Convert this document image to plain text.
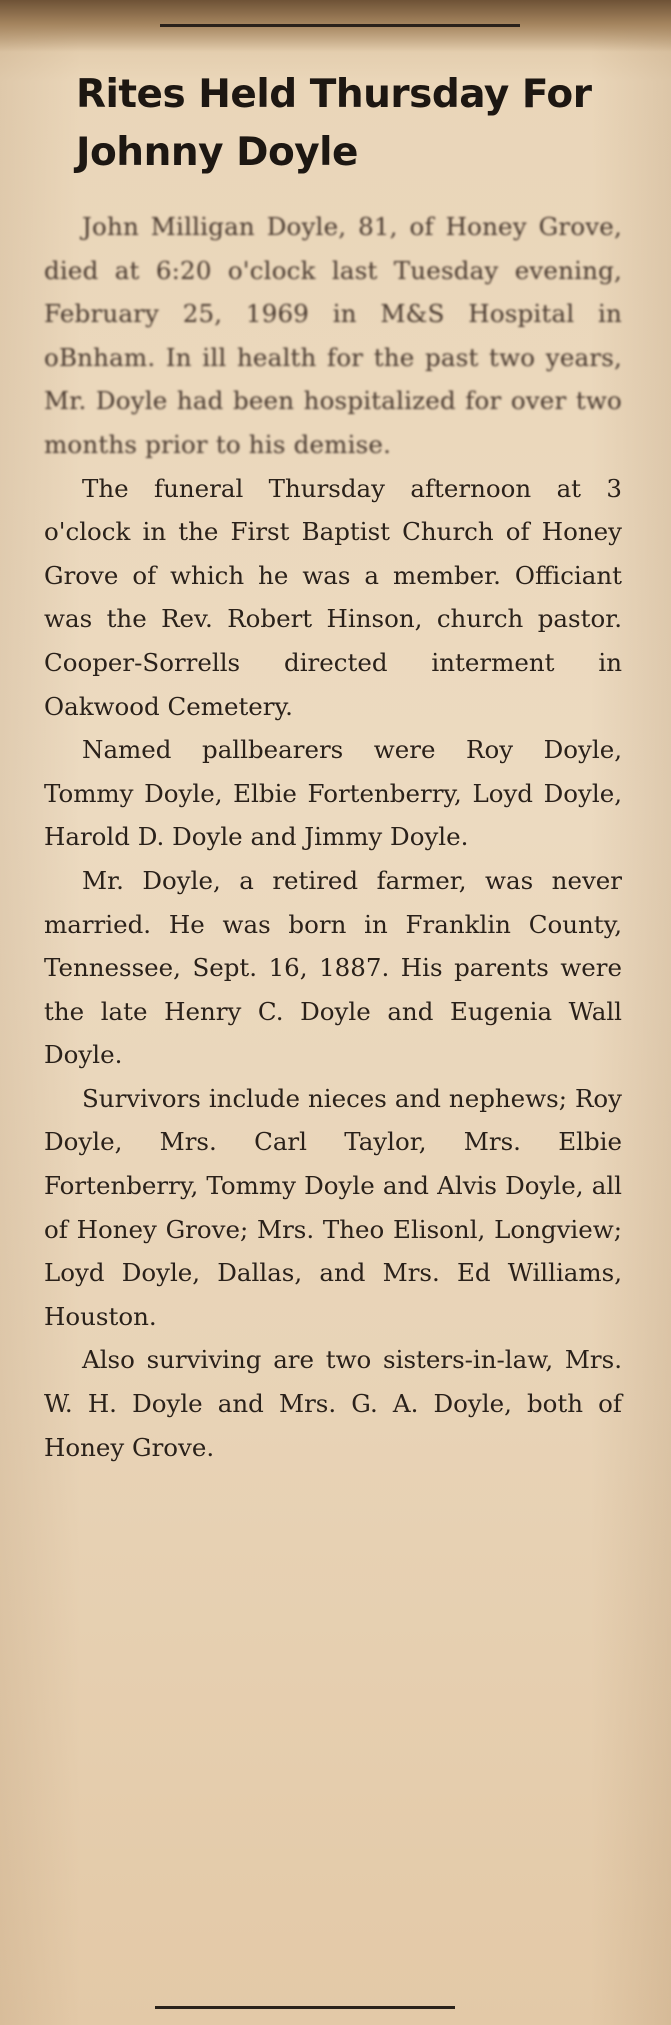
Rites Held Thursday For Johnny Doyle

John Milligan Doyle, 81, of Honey Grove, died at 6:20 o'clock last Tuesday evening, February 25, 1969 in M&S Hospital in oBnham. In ill health for the past two years, Mr. Doyle had been hospitalized for over two months prior to his demise.

The funeral Thursday afternoon at 3 o'clock in the First Baptist Church of Honey Grove of which he was a member. Officiant was the Rev. Robert Hinson, church pastor. Cooper-Sorrells directed interment in Oakwood Cemetery.

Named pallbearers were Roy Doyle, Tommy Doyle, Elbie Fortenberry, Loyd Doyle, Harold D. Doyle and Jimmy Doyle.

Mr. Doyle, a retired farmer, was never married. He was born in Franklin County, Tennessee, Sept. 16, 1887. His parents were the late Henry C. Doyle and Eugenia Wall Doyle.

Survivors include nieces and nephews; Roy Doyle, Mrs. Carl Taylor, Mrs. Elbie Fortenberry, Tommy Doyle and Alvis Doyle, all of Honey Grove; Mrs. Theo Elisonl, Longview; Loyd Doyle, Dallas, and Mrs. Ed Williams, Houston.

Also surviving are two sisters-in-law, Mrs. W. H. Doyle and Mrs. G. A. Doyle, both of Honey Grove.
